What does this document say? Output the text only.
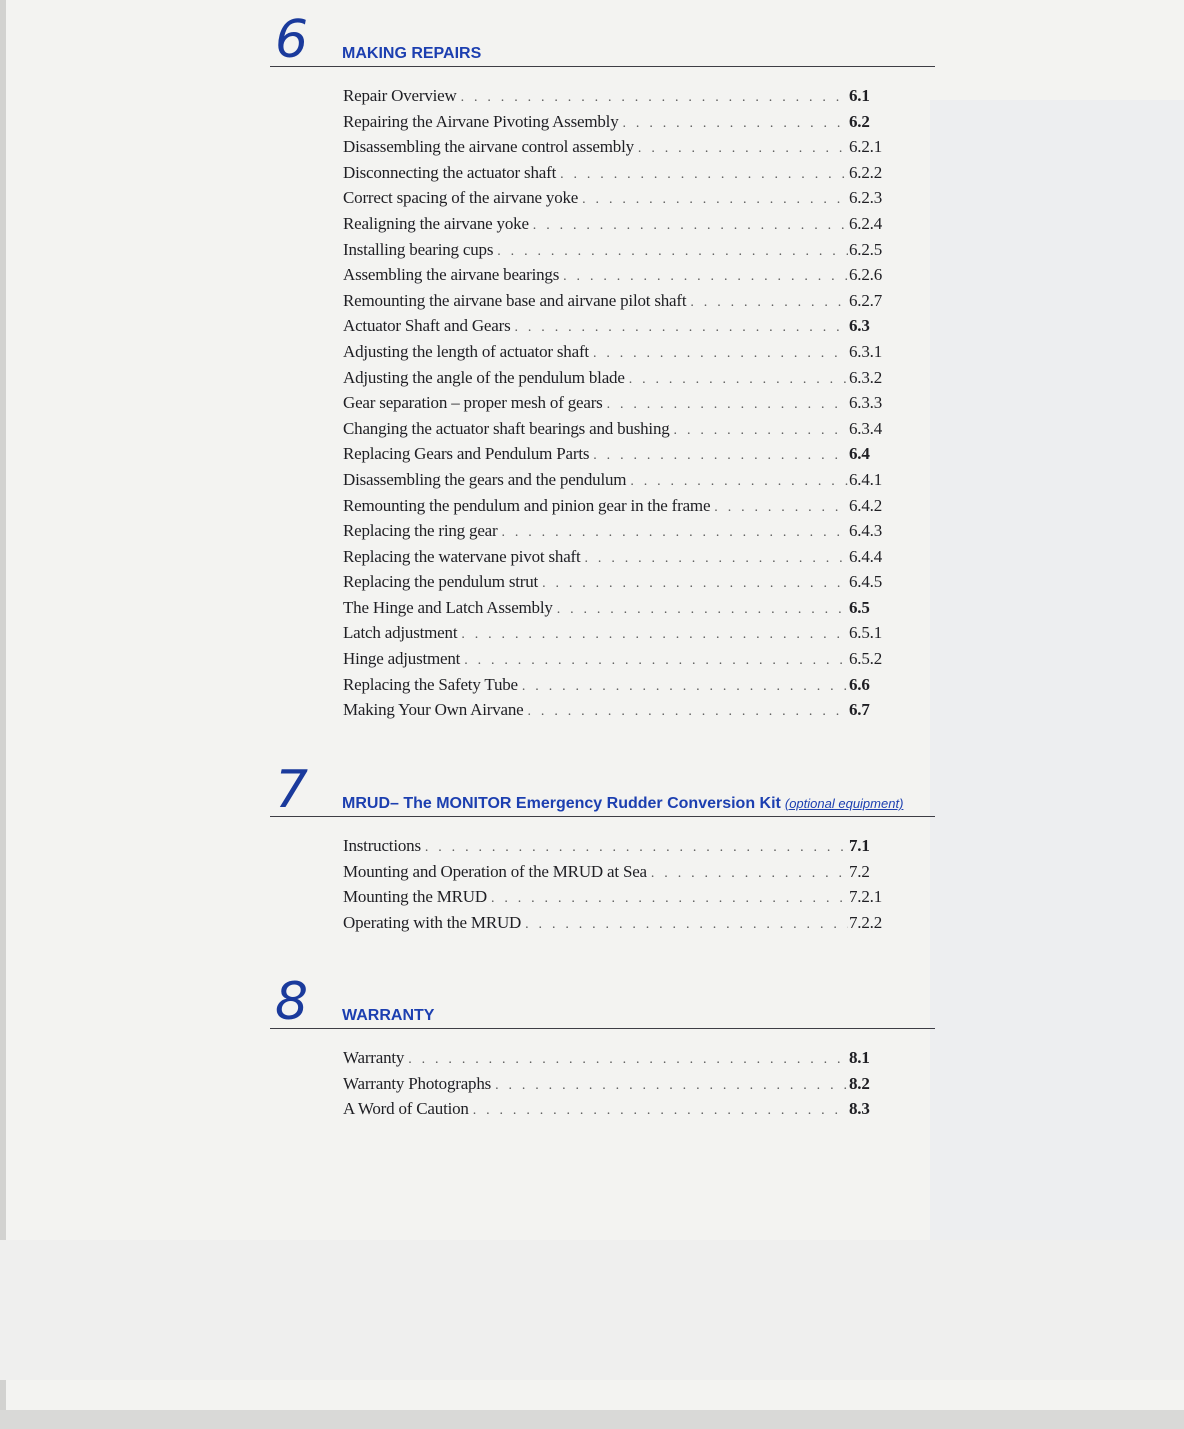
6 MAKING REPAIRS
Repair Overview . . .	6.1
Repairing the Airvane Pivoting Assembly . . .	6.2
Disassembling the airvane control assembly . . .	6.2.1
Disconnecting the actuator shaft . . .	6.2.2
Correct spacing of the airvane yoke . . .	6.2.3
Realigning the airvane yoke . . .	6.2.4
Installing bearing cups . . .	6.2.5
Assembling the airvane bearings . . .	6.2.6
Remounting the airvane base and airvane pilot shaft . . .	6.2.7
Actuator Shaft and Gears . . .	6.3
Adjusting the length of actuator shaft . . .	6.3.1
Adjusting the angle of the pendulum blade . . .	6.3.2
Gear separation – proper mesh of gears . . .	6.3.3
Changing the actuator shaft bearings and bushing . . .	6.3.4
Replacing Gears and Pendulum Parts . . .	6.4
Disassembling the gears and the pendulum . . .	6.4.1
Remounting the pendulum and pinion gear in the frame . . .	6.4.2
Replacing the ring gear . . .	6.4.3
Replacing the watervane pivot shaft . . .	6.4.4
Replacing the pendulum strut . . .	6.4.5
The Hinge and Latch Assembly . . .	6.5
Latch adjustment . . .	6.5.1
Hinge adjustment . . .	6.5.2
Replacing the Safety Tube . . .	6.6
Making Your Own Airvane . . .	6.7
7 MRUD– The MONITOR Emergency Rudder Conversion Kit (optional equipment)
Instructions . . .	7.1
Mounting and Operation of the MRUD at Sea . . .	7.2
Mounting the MRUD . . .	7.2.1
Operating with the MRUD . . .	7.2.2
8 WARRANTY
Warranty . . .	8.1
Warranty Photographs . . .	8.2
A Word of Caution . . .	8.3
